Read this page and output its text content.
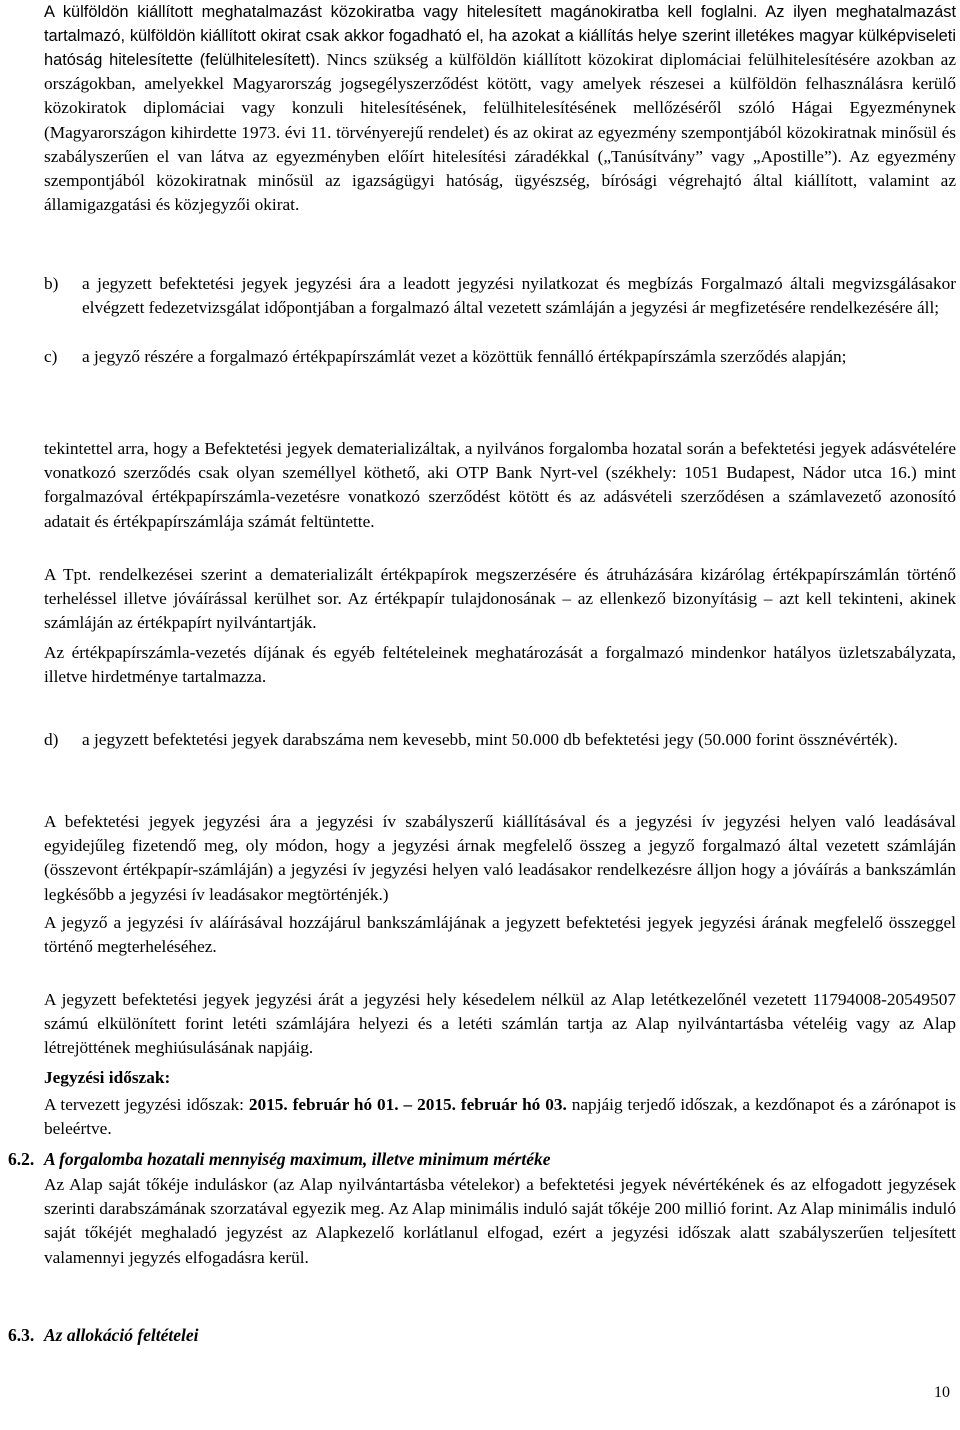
A külföldön kiállított meghatalmazást közokiratba vagy hitelesített magánokiratba kell foglalni. Az ilyen meghatalmazást tartalmazó, külföldön kiállított okirat csak akkor fogadható el, ha azokat a kiállítás helye szerint illetékes magyar külképviseleti hatóság hitelesítette (felülhitelesített). Nincs szükség a külföldön kiállított közokirat diplomáciai felülhitelesítésére azokban az országokban, amelyekkel Magyarország jogsegélyszerződést kötött, vagy amelyek részesei a külföldön felhasználásra kerülő közokiratok diplomáciai vagy konzuli hitelesítésének, felülhitelesítésének mellőzéséről szóló Hágai Egyezménynek (Magyarországon kihirdette 1973. évi 11. törvényerejű rendelet) és az okirat az egyezmény szempontjából közokiratnak minősül és szabályszerűen el van látva az egyezményben előírt hitelesítési záradékkal („Tanúsítvány” vagy „Apostille”). Az egyezmény szempontjából közokiratnak minősül az igazságügyi hatóság, ügyészség, bírósági végrehajtó által kiállított, valamint az államigazgatási és közjegyzői okirat.
b) a jegyzett befektetési jegyek jegyzési ára a leadott jegyzési nyilatkozat és megbízás Forgalmazó általi megvizsgálásakor elvégzett fedezetvizsgálat időpontjában a forgalmazó által vezetett számláján a jegyzési ár megfizetésére rendelkezésére áll;

c) a jegyző részére a forgalmazó értékpapírszámlát vezet a közöttük fennálló értékpapírszámla szerződés alapján;

tekintettel arra, hogy a Befektetési jegyek dematerializáltak, a nyilvános forgalomba hozatal során a befektetési jegyek adásvételére vonatkozó szerződés csak olyan személlyel köthető, aki OTP Bank Nyrt-vel (székhely: 1051 Budapest, Nádor utca 16.) mint forgalmazóval értékpapírszámla-vezetésre vonatkozó szerződést kötött és az adásvételi szerződésen a számlavezető azonosító adatait és értékpapírszámlája számát feltüntette.

A Tpt. rendelkezései szerint a dematerializált értékpapírok megszerzésére és átruházására kizárólag értékpapírszámlán történő terheléssel illetve jóváírással kerülhet sor. Az értékpapír tulajdonosának – az ellenkező bizonyításig – azt kell tekinteni, akinek számláján az értékpapírt nyilvántartják.

Az értékpapírszámla-vezetés díjának és egyéb feltételeinek meghatározását a forgalmazó mindenkor hatályos üzletszabályzata, illetve hirdetménye tartalmazza.

d) a jegyzett befektetési jegyek darabszáma nem kevesebb, mint 50.000 db befektetési jegy (50.000 forint össznévérték).

A befektetési jegyek jegyzési ára a jegyzési ív szabályszerű kiállításával és a jegyzési ív jegyzési helyen való leadásával egyidejűleg fizetendő meg, oly módon, hogy a jegyzési árnak megfelelő összeg a jegyző forgalmazó által vezetett számláján (összevont értékpapír-számláján) a jegyzési ív jegyzési helyen való leadásakor rendelkezésre álljon hogy a jóváírás a bankszámlán legkésőbb a jegyzési ív leadásakor megtörténjék.)

A jegyző a jegyzési ív aláírásával hozzájárul bankszámlájának a jegyzett befektetési jegyek jegyzési árának megfelelő összeggel történő megterheléséhez.

A jegyzett befektetési jegyek jegyzési árát a jegyzési hely késedelem nélkül az Alap letétkezelőnél vezetett 11794008-20549507 számú elkülönített forint letéti számlájára helyezi és a letéti számlán tartja az Alap nyilvántartásba vételéig vagy az Alap létrejöttének meghiúsulásának napjáig.

Jegyzési időszak:

A tervezett jegyzési időszak: 2015. február hó 01. – 2015. február hó 03. napjáig terjedő időszak, a kezdőnapot és a zárónapot is beleértve.

6.2. A forgalomba hozatali mennyiség maximum, illetve minimum mértéke

Az Alap saját tőkéje induláskor (az Alap nyilvántartásba vételekor) a befektetési jegyek névértékének és az elfogadott jegyzések szerinti darabszámának szorzatával egyezik meg. Az Alap minimális induló saját tőkéje 200 millió forint. Az Alap minimális induló saját tőkéjét meghaladó jegyzést az Alapkezelő korlátlanul elfogad, ezért a jegyzési időszak alatt szabályszerűen teljesített valamennyi jegyzés elfogadásra kerül.

6.3. Az allokáció feltételei
10
